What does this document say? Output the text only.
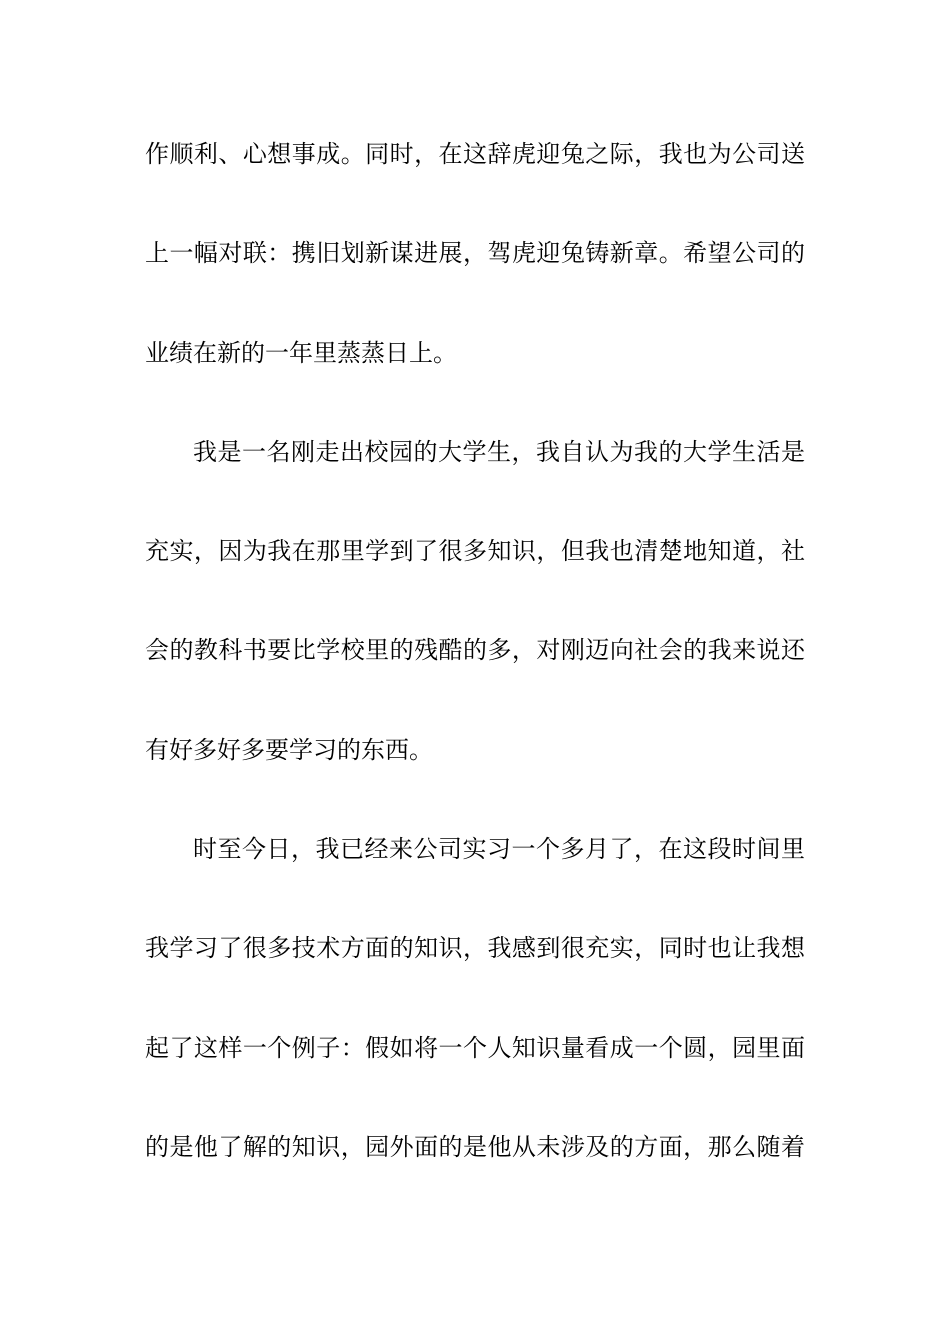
作顺利、心想事成。同时，在这辞虎迎兔之际，我也为公司送
上一幅对联：携旧划新谋进展，驾虎迎兔铸新章。希望公司的
业绩在新的一年里蒸蒸日上。
我是一名刚走出校园的大学生，我自认为我的大学生活是
充实，因为我在那里学到了很多知识，但我也清楚地知道，社
会的教科书要比学校里的残酷的多，对刚迈向社会的我来说还
有好多好多要学习的东西。
时至今日，我已经来公司实习一个多月了，在这段时间里
我学习了很多技术方面的知识，我感到很充实，同时也让我想
起了这样一个例子：假如将一个人知识量看成一个圆，园里面
的是他了解的知识，园外面的是他从未涉及的方面，那么随着
